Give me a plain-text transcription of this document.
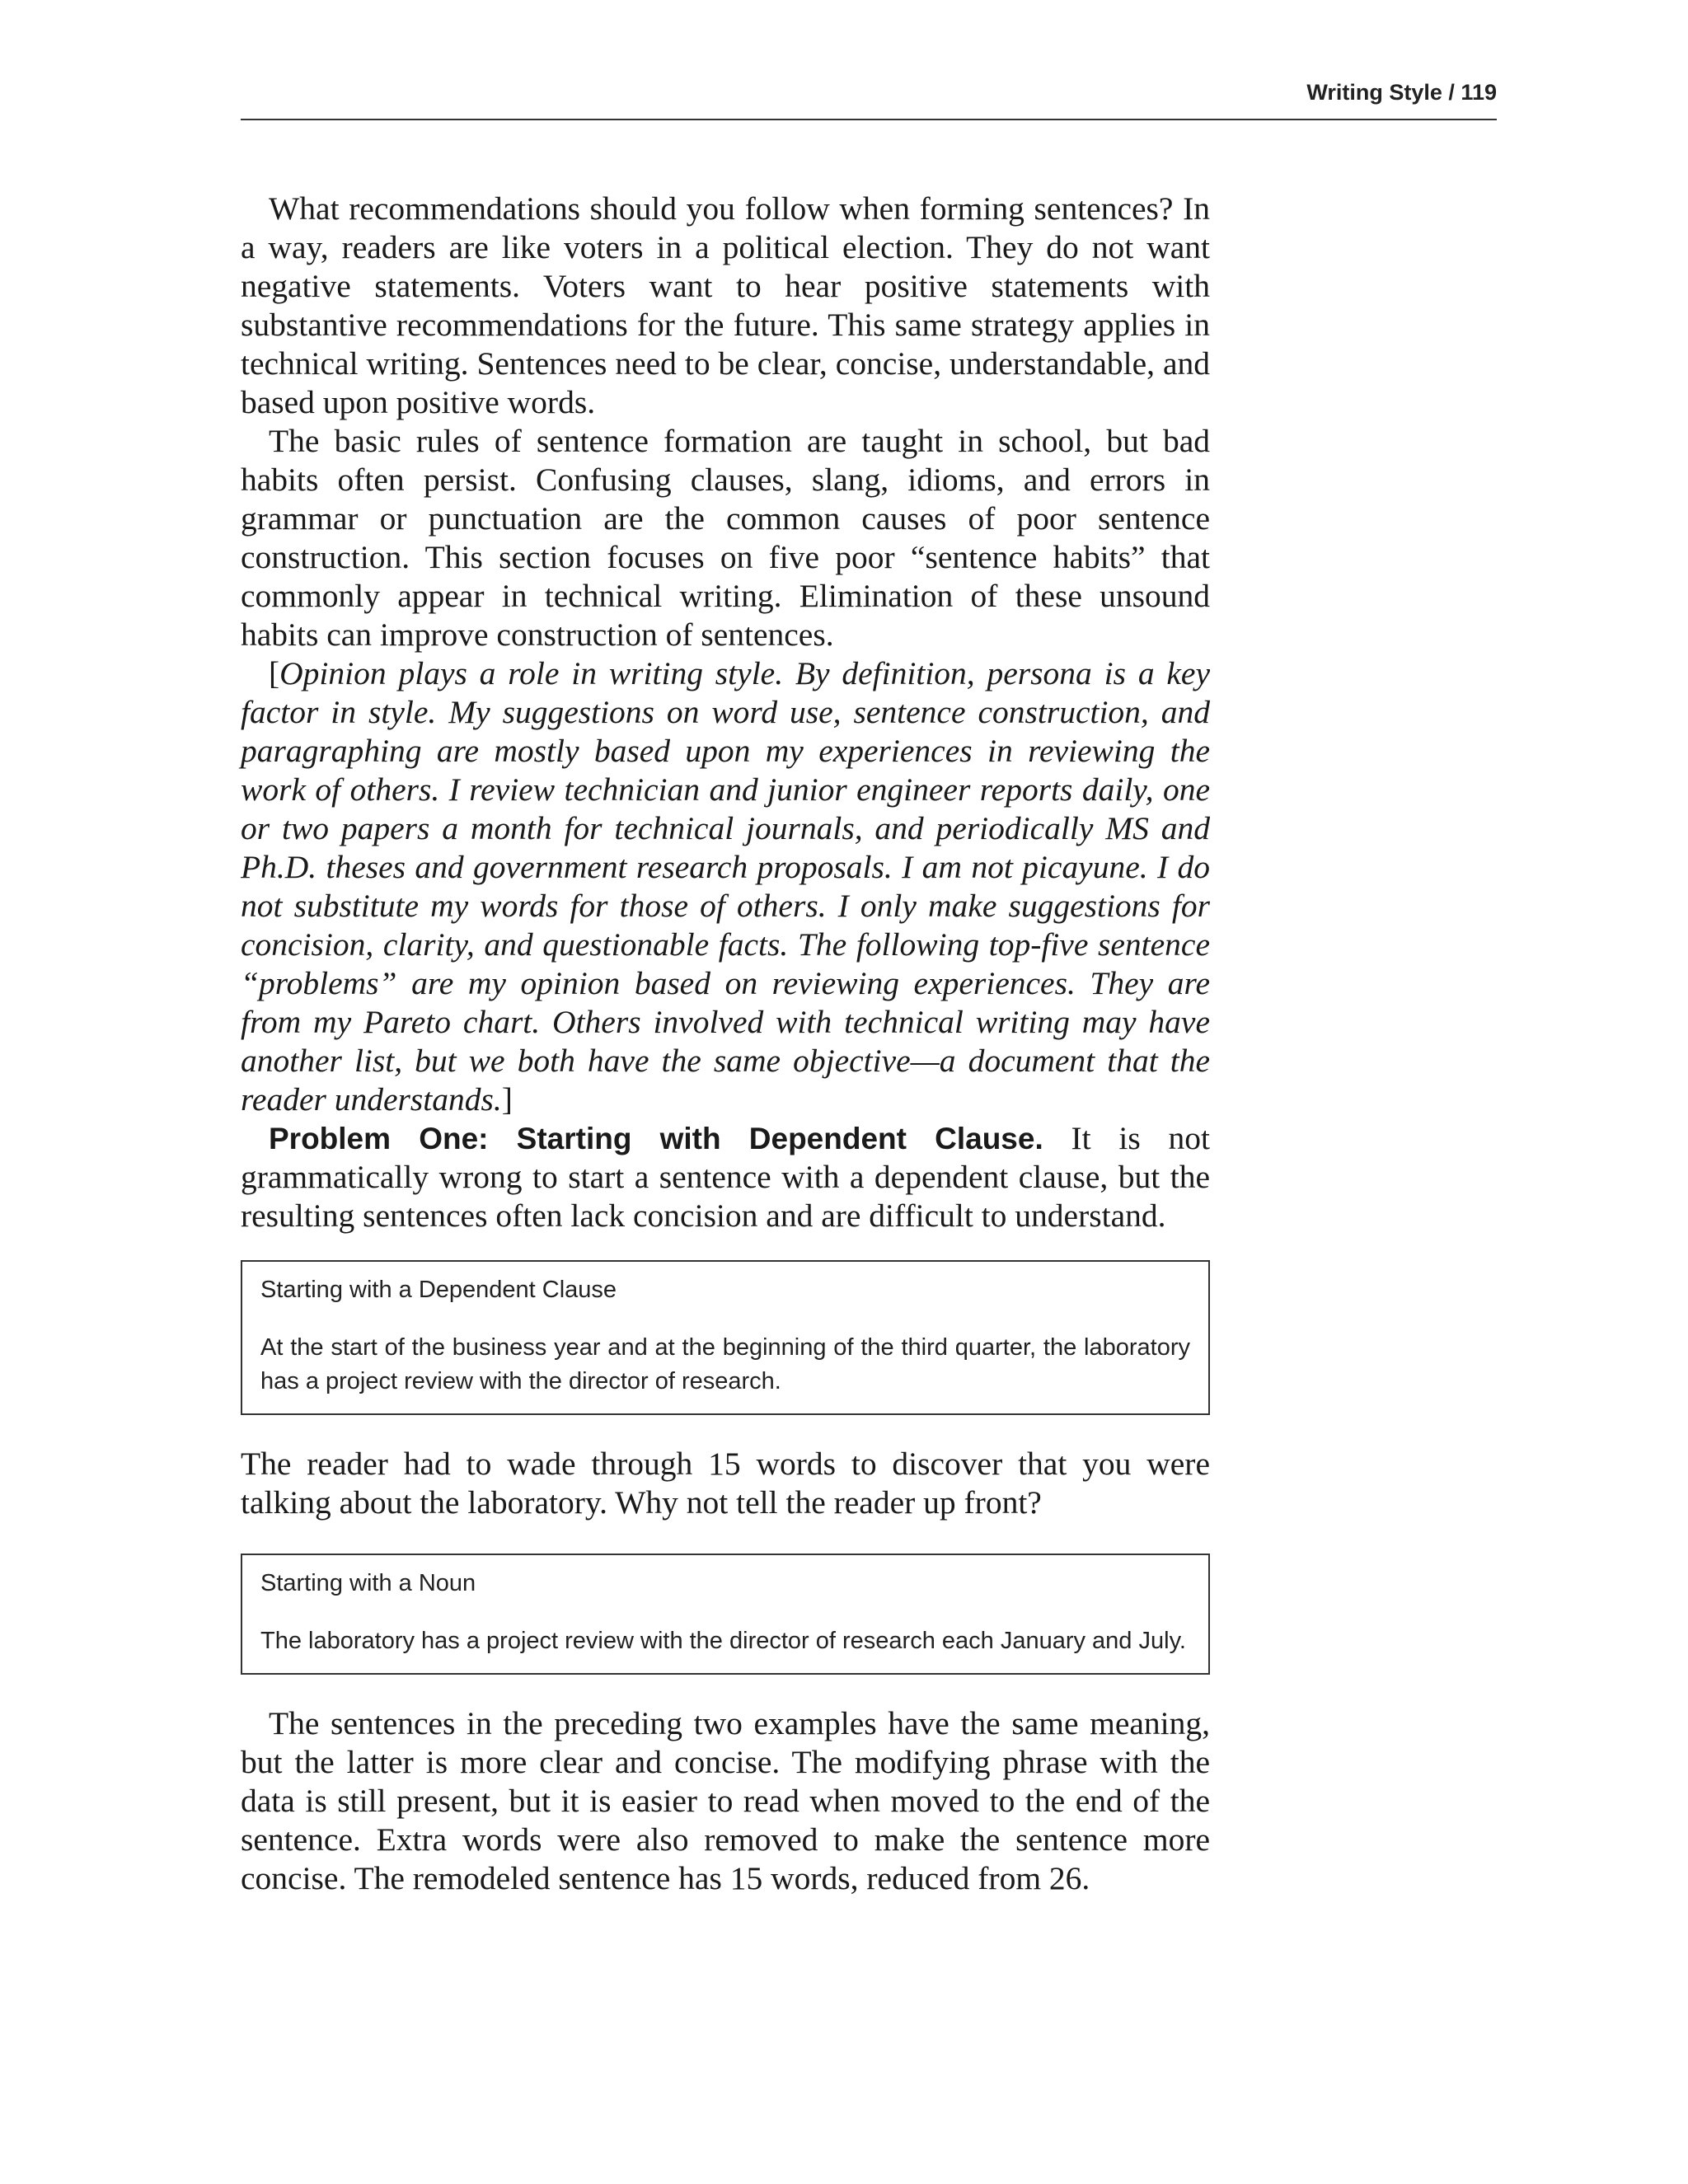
Writing Style / 119

What recommendations should you follow when forming sentences? In a way, readers are like voters in a political election. They do not want negative statements. Voters want to hear positive statements with substantive recommendations for the future. This same strategy applies in technical writing. Sentences need to be clear, concise, understandable, and based upon positive words.

The basic rules of sentence formation are taught in school, but bad habits often persist. Confusing clauses, slang, idioms, and errors in grammar or punctuation are the common causes of poor sentence construction. This section focuses on five poor “sentence habits” that commonly appear in technical writing. Elimination of these unsound habits can improve construction of sentences.

[Opinion plays a role in writing style. By definition, persona is a key factor in style. My suggestions on word use, sentence construction, and paragraphing are mostly based upon my experiences in reviewing the work of others. I review technician and junior engineer reports daily, one or two papers a month for technical journals, and periodically MS and Ph.D. theses and government research proposals. I am not picayune. I do not substitute my words for those of others. I only make suggestions for concision, clarity, and questionable facts. The following top-five sentence “problems” are my opinion based on reviewing experiences. They are from my Pareto chart. Others involved with technical writing may have another list, but we both have the same objective—a document that the reader understands.]

Problem One: Starting with Dependent Clause. It is not grammatically wrong to start a sentence with a dependent clause, but the resulting sentences often lack concision and are difficult to understand.

Starting with a Dependent Clause
At the start of the business year and at the beginning of the third quarter, the laboratory has a project review with the director of research.

The reader had to wade through 15 words to discover that you were talking about the laboratory. Why not tell the reader up front?

Starting with a Noun
The laboratory has a project review with the director of research each January and July.

The sentences in the preceding two examples have the same meaning, but the latter is more clear and concise. The modifying phrase with the data is still present, but it is easier to read when moved to the end of the sentence. Extra words were also removed to make the sentence more concise. The remodeled sentence has 15 words, reduced from 26.
